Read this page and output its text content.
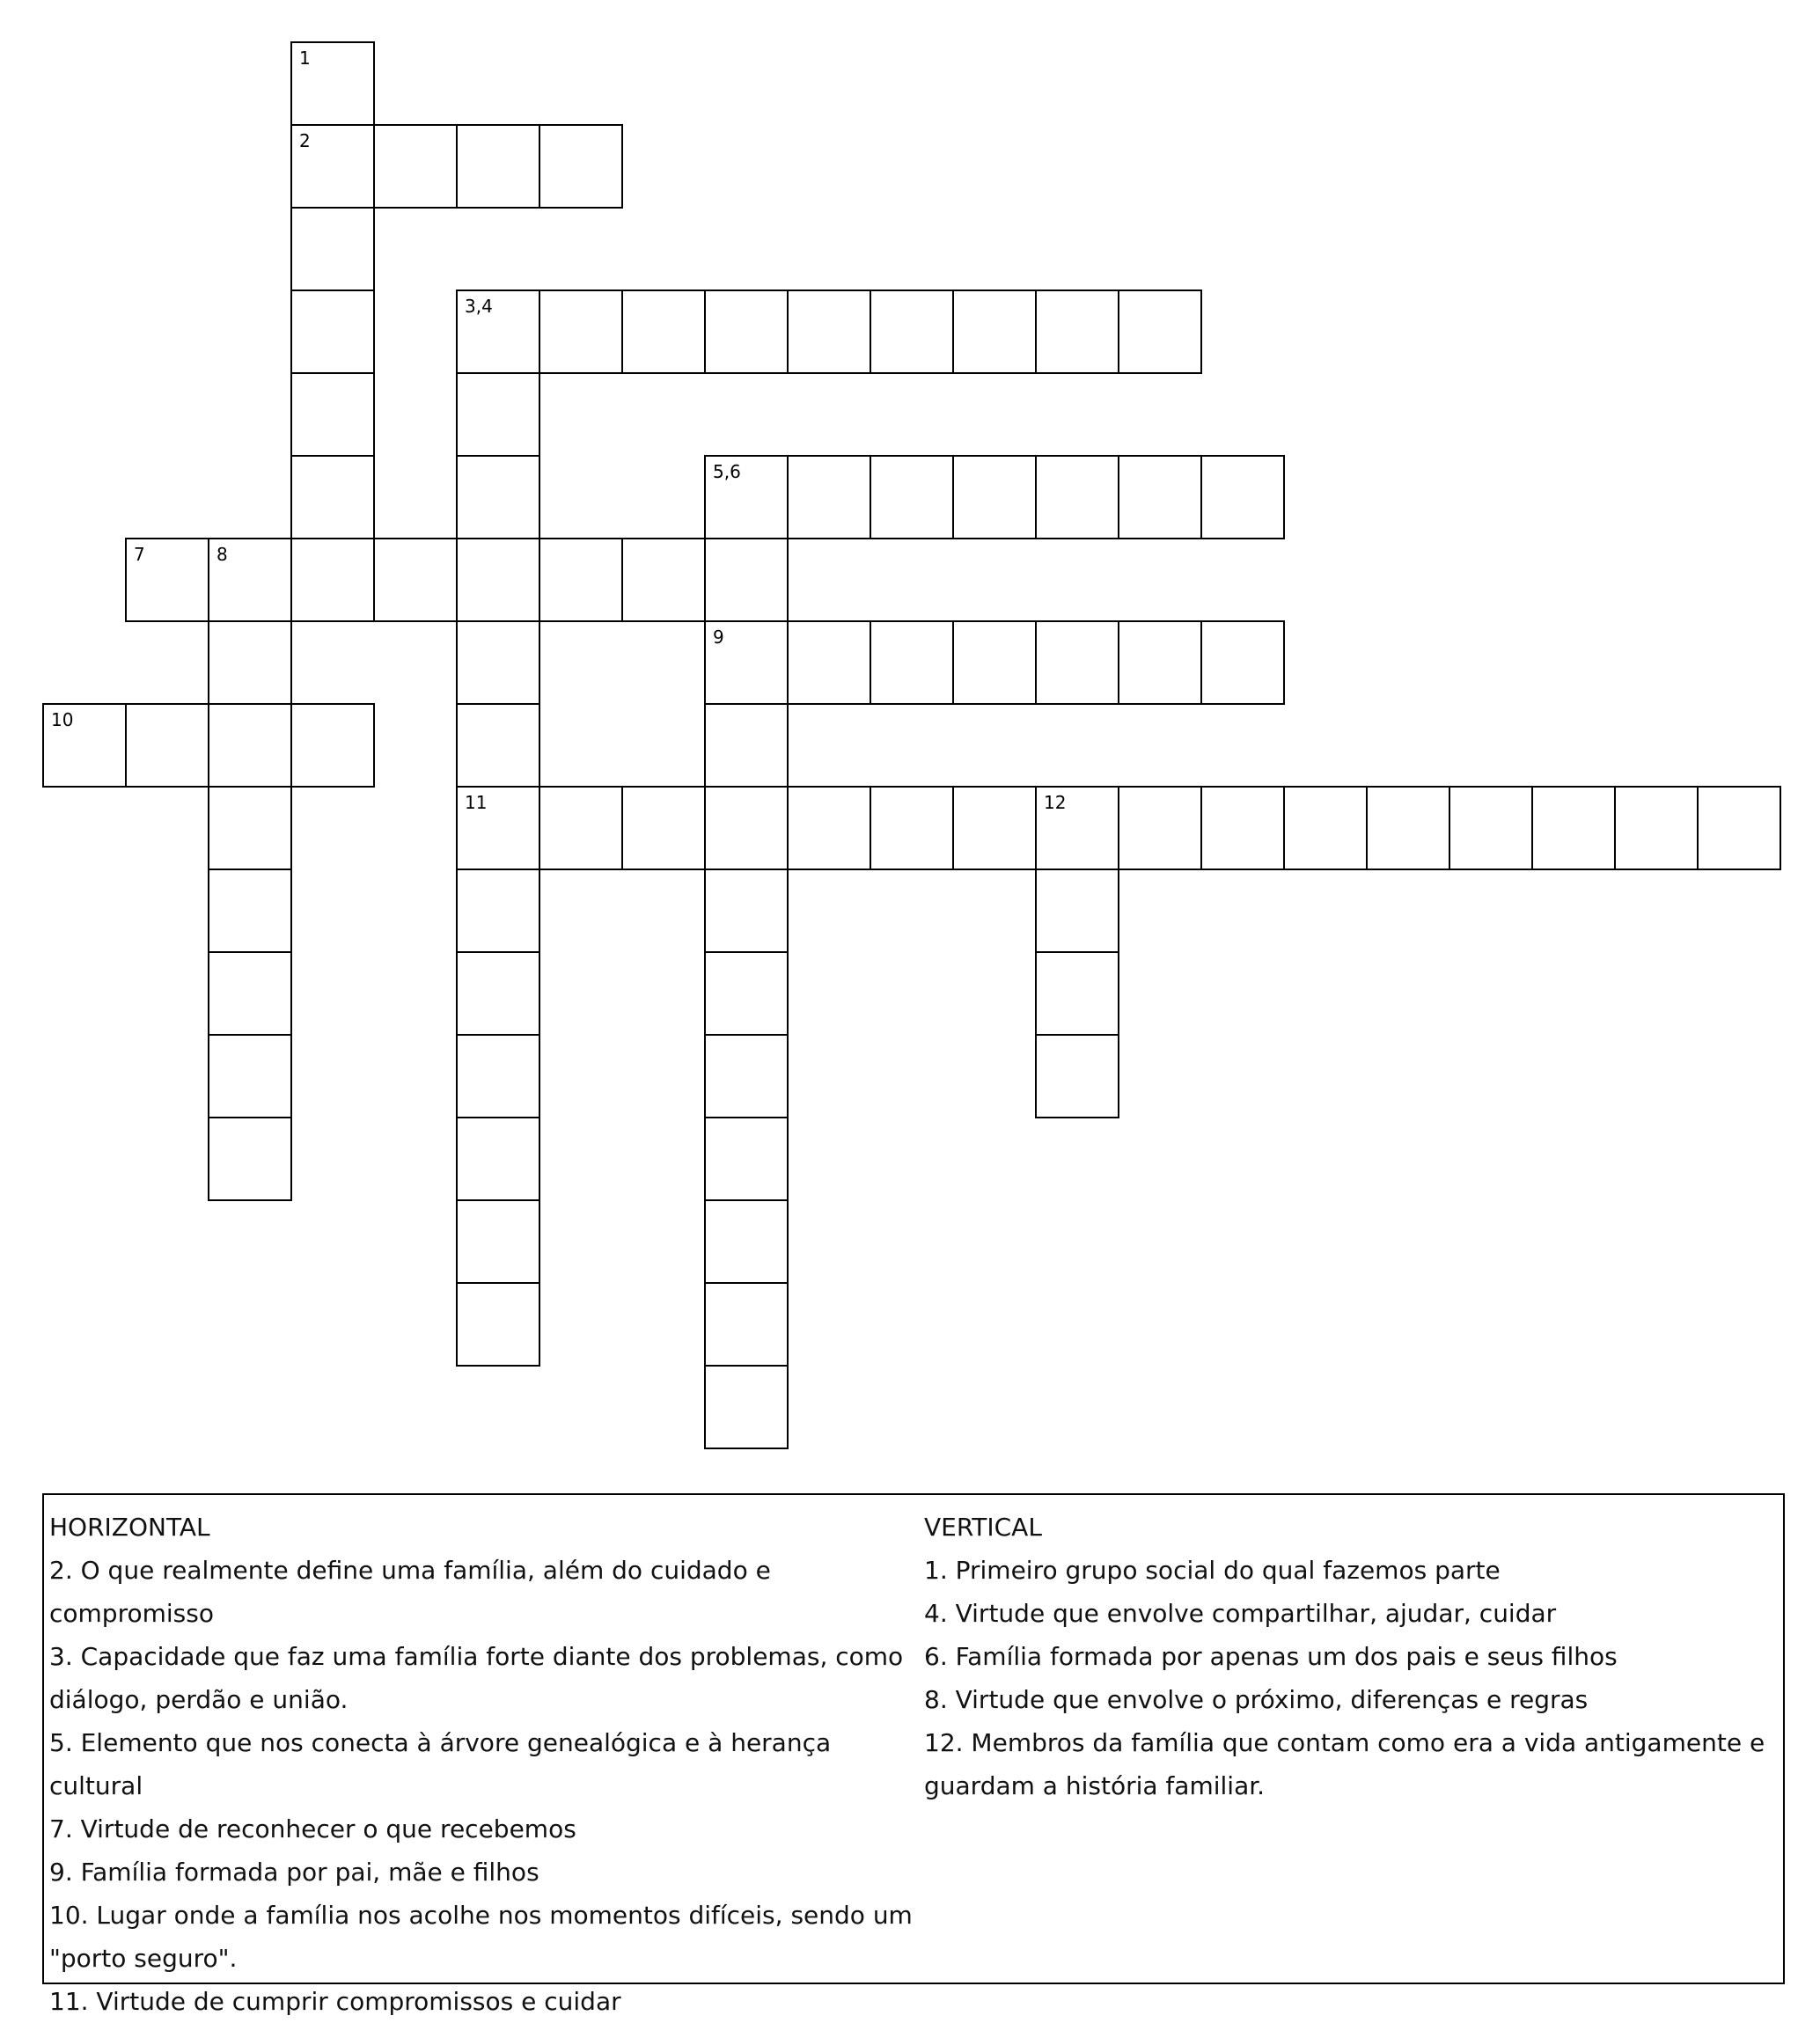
1
2
3,4
5,6
7	8
9
10
11	12
HORIZONTAL
2. O que realmente define uma família, além do cuidado e compromisso
3. Capacidade que faz uma família forte diante dos problemas, como
diálogo, perdão e união.
5. Elemento que nos conecta à árvore genealógica e à herança cultural
7. Virtude de reconhecer o que recebemos
9. Família formada por pai, mãe e filhos
10. Lugar onde a família nos acolhe nos momentos difíceis, sendo um
"porto seguro".
11. Virtude de cumprir compromissos e cuidar
VERTICAL
1. Primeiro grupo social do qual fazemos parte
4. Virtude que envolve compartilhar, ajudar, cuidar
6. Família formada por apenas um dos pais e seus filhos
8. Virtude que envolve o próximo, diferenças e regras
12. Membros da família que contam como era a vida antigamente e
guardam a história familiar.
